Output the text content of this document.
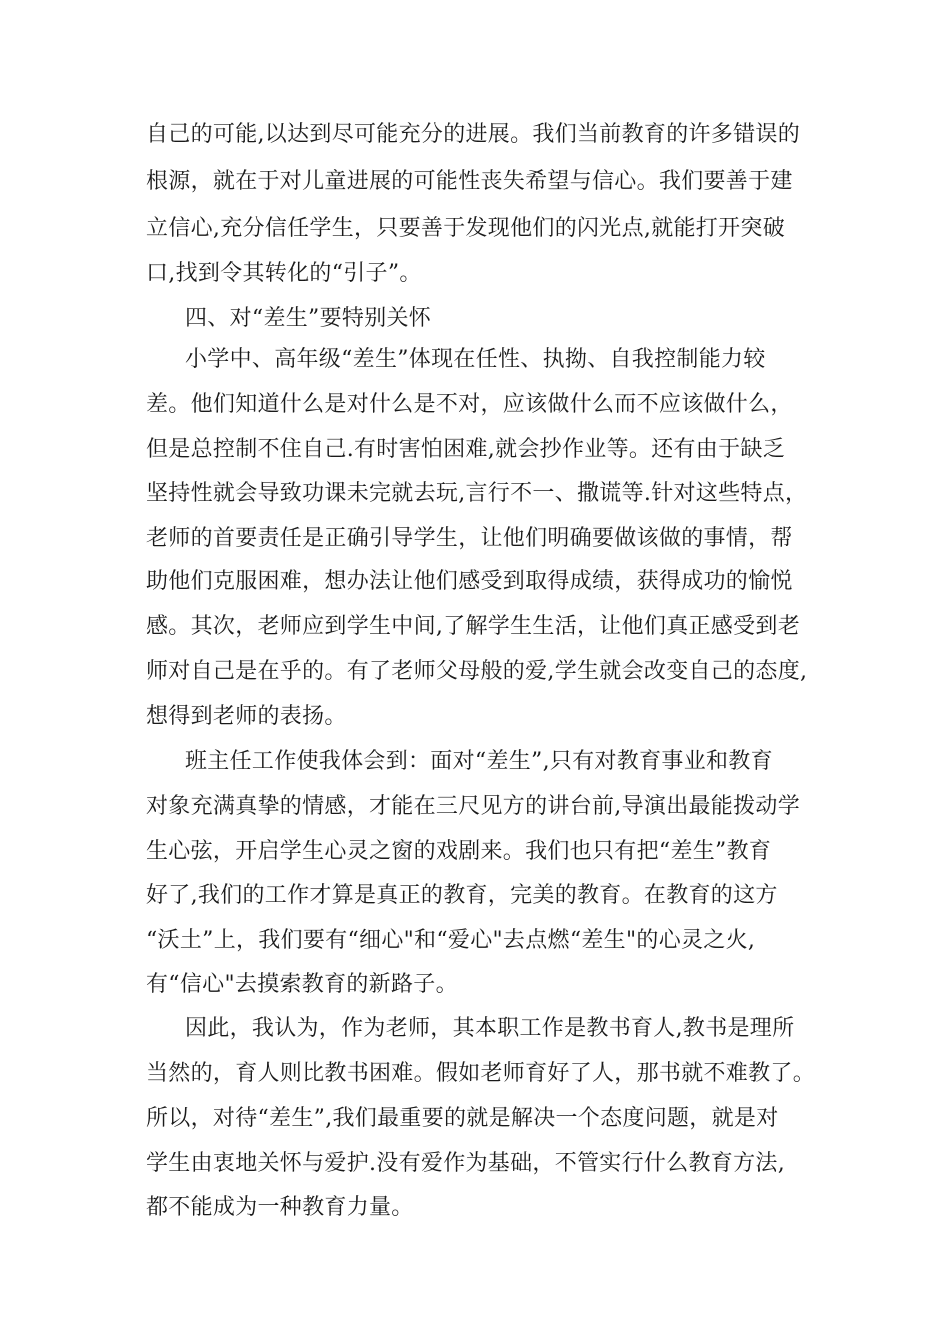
自己的可能,以达到尽可能充分的进展。我们当前教育的许多错误的
根源，就在于对儿童进展的可能性丧失希望与信心。我们要善于建
立信心,充分信任学生，只要善于发现他们的闪光点,就能打开突破
口,找到令其转化的“引子”。
四、对“差生”要特别关怀
小学中、高年级“差生”体现在任性、执拗、自我控制能力较
差。他们知道什么是对什么是不对，应该做什么而不应该做什么，
但是总控制不住自己.有时害怕困难,就会抄作业等。还有由于缺乏
坚持性就会导致功课未完就去玩,言行不一、撒谎等.针对这些特点，
老师的首要责任是正确引导学生，让他们明确要做该做的事情，帮
助他们克服困难，想办法让他们感受到取得成绩，获得成功的愉悦
感。其次，老师应到学生中间,了解学生生活，让他们真正感受到老
师对自己是在乎的。有了老师父母般的爱,学生就会改变自己的态度,
想得到老师的表扬。
班主任工作使我体会到：面对“差生”,只有对教育事业和教育
对象充满真挚的情感，才能在三尺见方的讲台前,导演出最能拨动学
生心弦，开启学生心灵之窗的戏剧来。我们也只有把“差生”教育
好了,我们的工作才算是真正的教育，完美的教育。在教育的这方
“沃土”上，我们要有“细心"和“爱心"去点燃“差生"的心灵之火,
有“信心"去摸索教育的新路子。
因此，我认为，作为老师，其本职工作是教书育人,教书是理所
当然的，育人则比教书困难。假如老师育好了人，那书就不难教了。
所以，对待“差生”,我们最重要的就是解决一个态度问题，就是对
学生由衷地关怀与爱护.没有爱作为基础，不管实行什么教育方法,
都不能成为一种教育力量。
